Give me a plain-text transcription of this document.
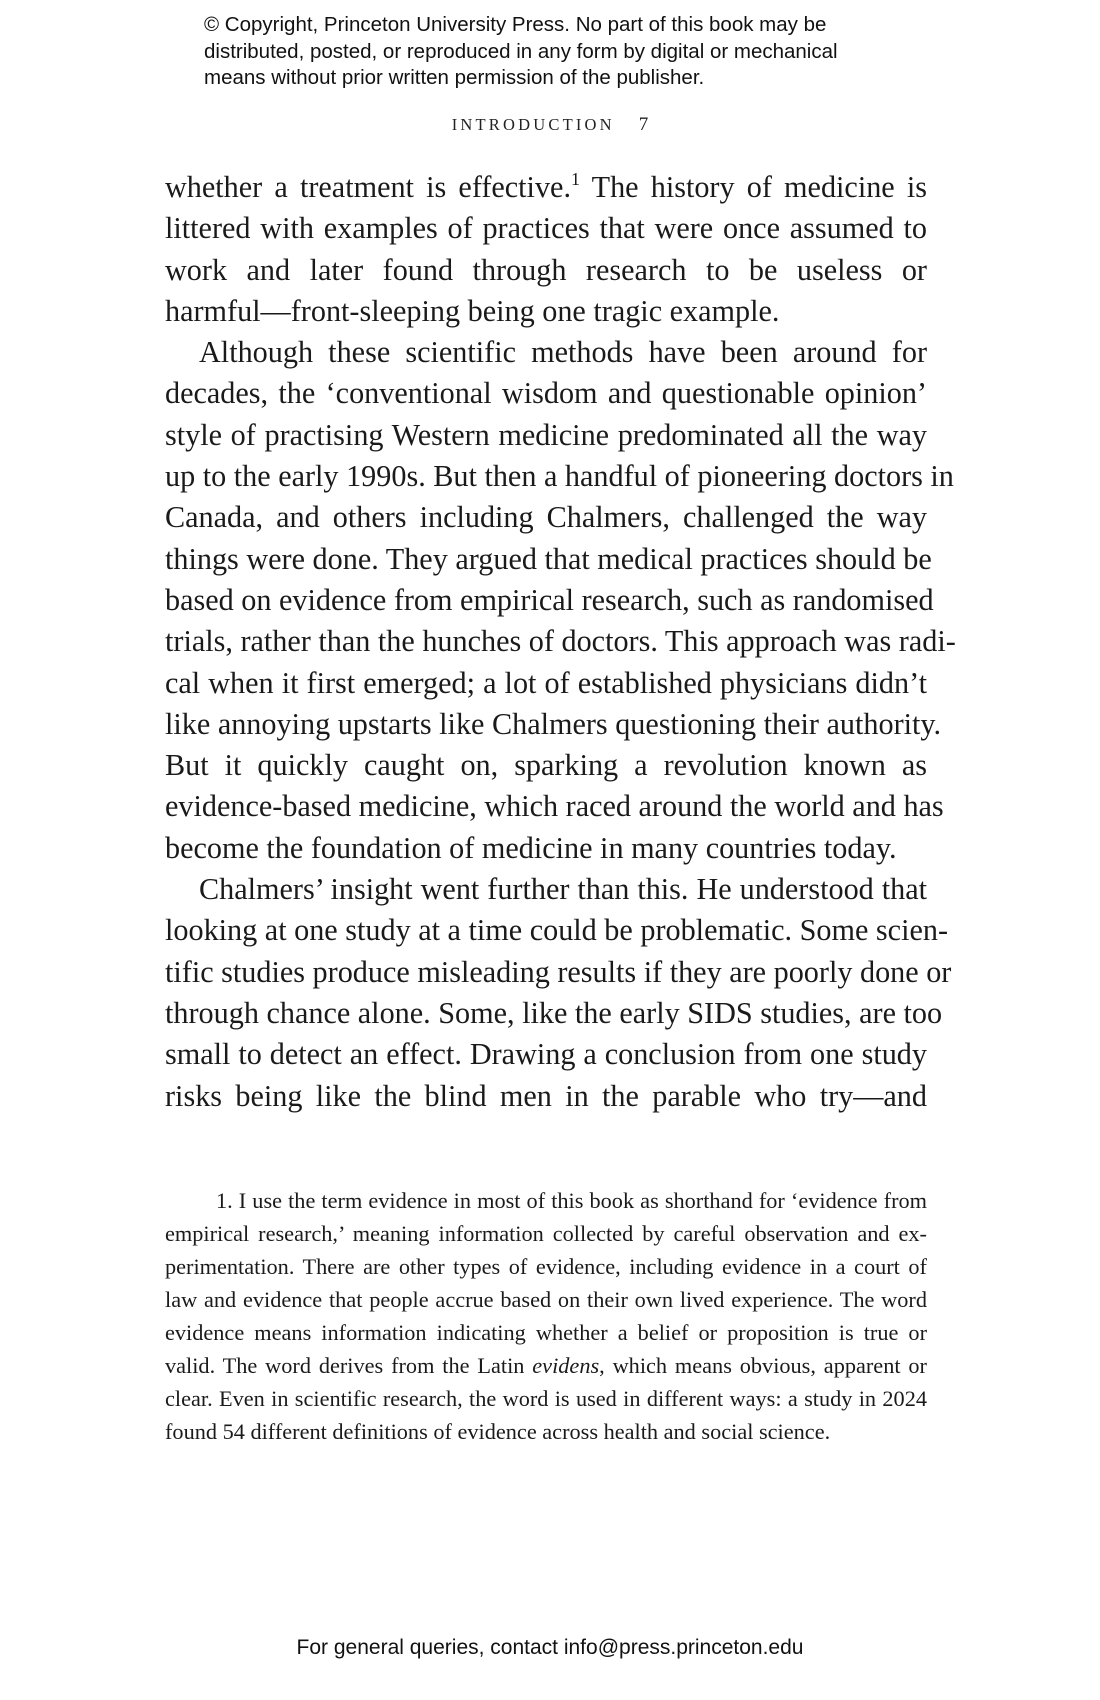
© Copyright, Princeton University Press. No part of this book may be

distributed, posted, or reproduced in any form by digital or mechanical

means without prior written permission of the publisher.

INTRODUCTION 7
whether a treatment is effective.$^1$ The history of medicine is
littered with examples of practices that were once assumed to
work and later found through research to be useless or
harmful—front-sleeping being one tragic example.
Although these scientific methods have been around for
decades, the ‘conventional wisdom and questionable opinion’
style of practising Western medicine predominated all the way
up to the early 1990s. But then a handful of pioneering doctors in
Canada, and others including Chalmers, challenged the way
things were done. They argued that medical practices should be
based on evidence from empirical research, such as randomised
trials, rather than the hunches of doctors. This approach was radi-
cal when it first emerged; a lot of established physicians didn’t
like annoying upstarts like Chalmers questioning their authority.
But it quickly caught on, sparking a revolution known as
evidence-based medicine, which raced around the world and has
become the foundation of medicine in many countries today.
Chalmers’ insight went further than this. He understood that
looking at one study at a time could be problematic. Some scien-
tific studies produce misleading results if they are poorly done or
through chance alone. Some, like the early SIDS studies, are too
small to detect an effect. Drawing a conclusion from one study
risks being like the blind men in the parable who try—and
1. I use the term evidence in most of this book as shorthand for ‘evidence from
empirical research,’ meaning information collected by careful observation and ex-
perimentation. There are other types of evidence, including evidence in a court of
law and evidence that people accrue based on their own lived experience. The word
evidence means information indicating whether a belief or proposition is true or
valid. The word derives from the Latin evidens, which means obvious, apparent or
clear. Even in scientific research, the word is used in different ways: a study in 2024
found 54 different definitions of evidence across health and social science.
For general queries, contact info@press.princeton.edu
